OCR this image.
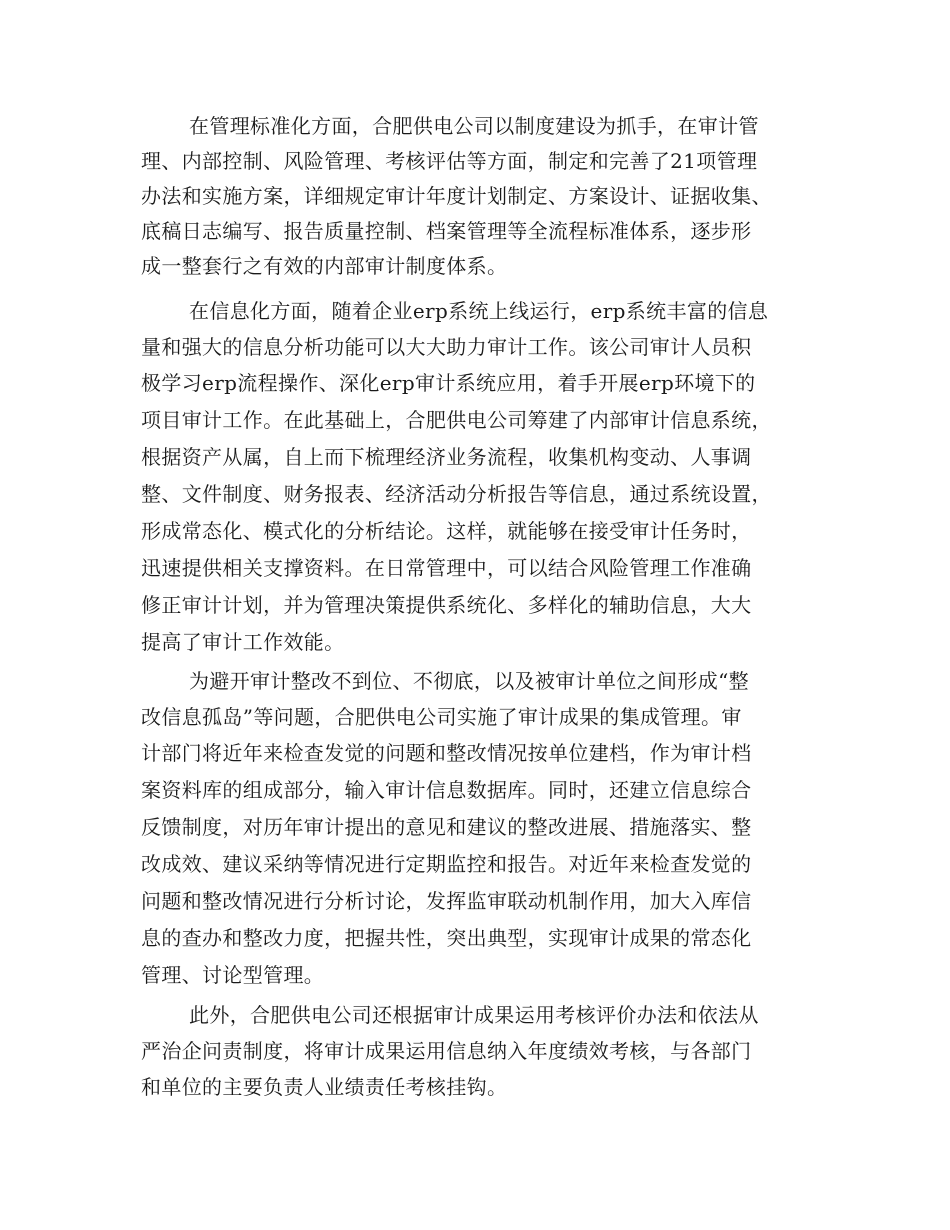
在管理标准化方面，合肥供电公司以制度建设为抓手，在审计管
理、内部控制、风险管理、考核评估等方面，制定和完善了21项管理
办法和实施方案，详细规定审计年度计划制定、方案设计、证据收集、
底稿日志编写、报告质量控制、档案管理等全流程标准体系，逐步形
成一整套行之有效的内部审计制度体系。
在信息化方面，随着企业erp系统上线运行，erp系统丰富的信息
量和强大的信息分析功能可以大大助力审计工作。该公司审计人员积
极学习erp流程操作、深化erp审计系统应用，着手开展erp环境下的
项目审计工作。在此基础上，合肥供电公司筹建了内部审计信息系统，
根据资产从属，自上而下梳理经济业务流程，收集机构变动、人事调
整、文件制度、财务报表、经济活动分析报告等信息，通过系统设置，
形成常态化、模式化的分析结论。这样，就能够在接受审计任务时，
迅速提供相关支撑资料。在日常管理中，可以结合风险管理工作准确
修正审计计划，并为管理决策提供系统化、多样化的辅助信息，大大
提高了审计工作效能。
为避开审计整改不到位、不彻底，以及被审计单位之间形成“整
改信息孤岛”等问题，合肥供电公司实施了审计成果的集成管理。审
计部门将近年来检查发觉的问题和整改情况按单位建档，作为审计档
案资料库的组成部分，输入审计信息数据库。同时，还建立信息综合
反馈制度，对历年审计提出的意见和建议的整改进展、措施落实、整
改成效、建议采纳等情况进行定期监控和报告。对近年来检查发觉的
问题和整改情况进行分析讨论，发挥监审联动机制作用，加大入库信
息的查办和整改力度，把握共性，突出典型，实现审计成果的常态化
管理、讨论型管理。
此外，合肥供电公司还根据审计成果运用考核评价办法和依法从
严治企问责制度，将审计成果运用信息纳入年度绩效考核，与各部门
和单位的主要负责人业绩责任考核挂钩。
